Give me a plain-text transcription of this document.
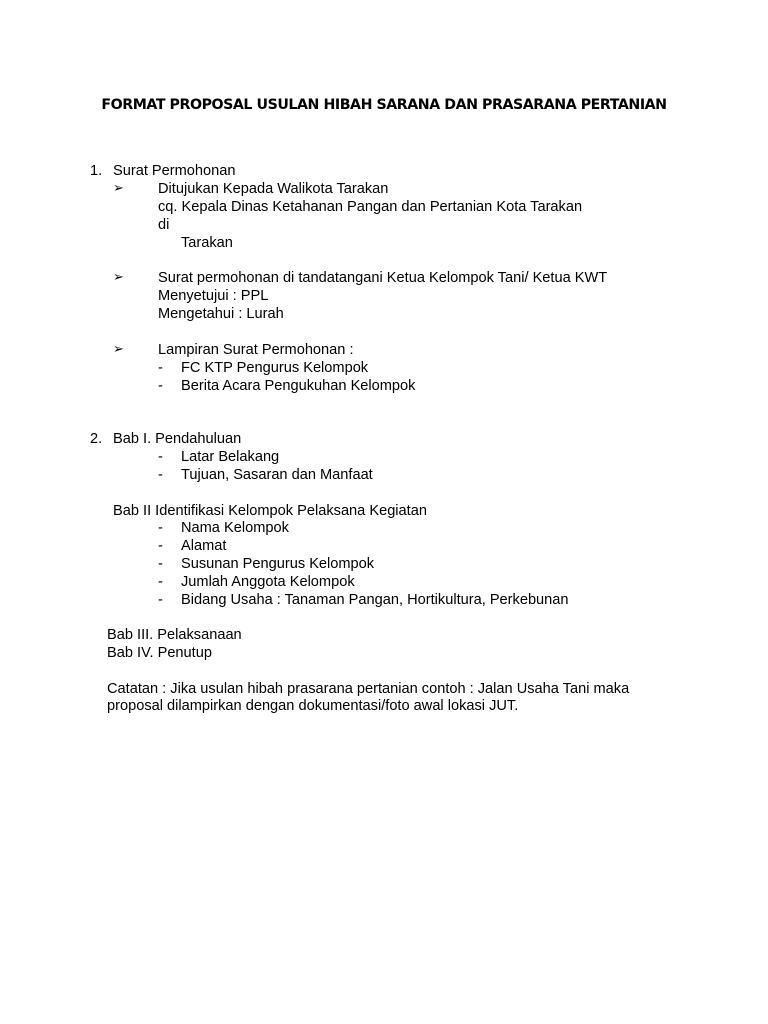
FORMAT PROPOSAL USULAN HIBAH SARANA DAN PRASARANA PERTANIAN
1. Surat Permohonan
➢ Ditujukan Kepada Walikota Tarakan
cq. Kepala Dinas Ketahanan Pangan dan Pertanian Kota Tarakan
di
Tarakan
➢ Surat permohonan di tandatangani Ketua Kelompok Tani/ Ketua KWT
Menyetujui : PPL
Mengetahui : Lurah
➢ Lampiran Surat Permohonan :
- FC KTP Pengurus Kelompok
- Berita Acara Pengukuhan Kelompok
2. Bab I. Pendahuluan
- Latar Belakang
- Tujuan, Sasaran dan Manfaat
Bab II Identifikasi Kelompok Pelaksana Kegiatan
- Nama Kelompok
- Alamat
- Susunan Pengurus Kelompok
- Jumlah Anggota Kelompok
- Bidang Usaha : Tanaman Pangan, Hortikultura, Perkebunan
Bab III. Pelaksanaan
Bab IV. Penutup
Catatan : Jika usulan hibah prasarana pertanian contoh : Jalan Usaha Tani maka
proposal dilampirkan dengan dokumentasi/foto awal lokasi JUT.
